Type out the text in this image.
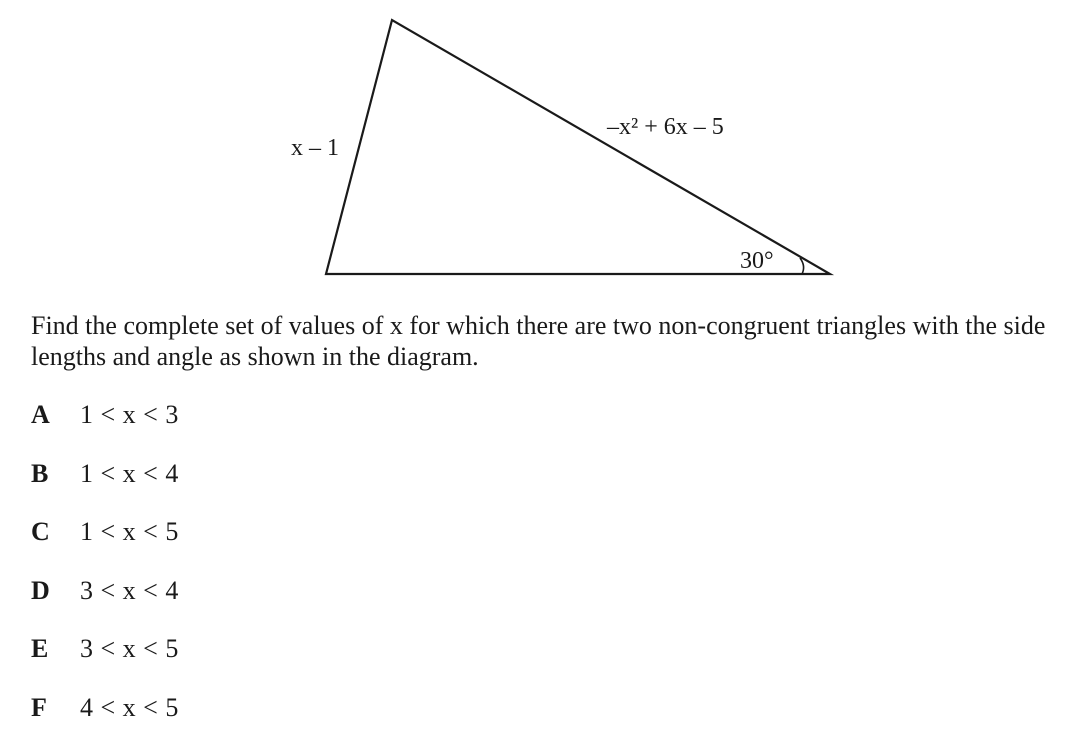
x – 1
–x² + 6x – 5
30°

Find the complete set of values of x for which there are two non-congruent triangles with the side lengths and angle as shown in the diagram.

A	1 < x < 3
B	1 < x < 4
C	1 < x < 5
D	3 < x < 4
E	3 < x < 5
F	4 < x < 5
